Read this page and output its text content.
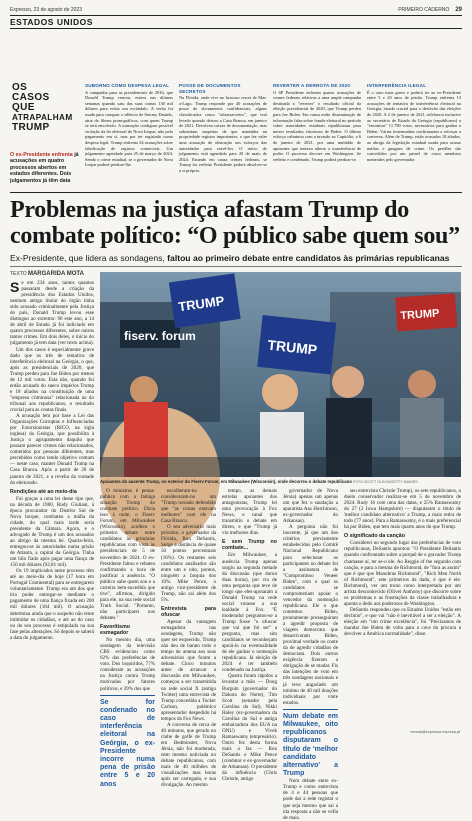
Expresso, 23 de agosto de 2023	PRIMEIRO CADERNO 29
ESTADOS UNIDOS
OS
CASOS
QUE
ATRAPALHAM
TRUMP
O ex-Presidente enfrenta já acusações em quatro processos abertos em estados diferentes. Dois julgamentos já têm data
SUBORNO COMO DESPESA LEGAL

A campanha para as presidenciais de 2016, que Donald Trump venceu, estava nas últimas semanas quando saiu das suas contas 130 mil dólares para evitar um escândalo. A verba foi usada para comprar o silêncio de Stormy Daniels, atriz de filmes pornográficos, com quem Trump se terá envolvido. A transação configura possível violação da lei eleitoral de Nova Iorque, não pelo pagamento em si, mas por ter registado como despesa legal. Trump enfrenta 34 acusações sobre falsificação de registos comerciais. Um julgamento agendado para 25 de março de 2024. Sendo o crime estadual, se o governador de Nova Iorque poderá perdoar-lhe.

POSSE DE DOCUMENTOS SECRETOS

Na Flórida, onde vive no luxuoso resort de Mar-a-Lago, Trump responde por 40 acusações de posse de documentos confidenciais, alguns classificados como "ultrassecretos", que terá levado quando deixou a Casa Branca, em janeiro de 2021. Devolveu caixas de documentação, mas subsistiam suspeitas de que mantinha na propriedade registos importantes, o que fez valer uma acusação de obstrução aos esforços das autoridades para reavê-los. O início do julgamento está agendado para 20 de maio de 2024. Estando em causa crimes federais, se Trump for reeleito Presidente poderá absolver-se a si próprio.

REVERTER A DERROTA DE 2020

O 6P Presidente enfrenta quatro acusações de crimes federais relativas a uma ampla campanha destinada a "reverter" o resultado oficial da eleição presidencial de 2020, que Trump perdeu para Joe Biden. Em causa estão disseminação de informação falsa sobre fraude eleitoral no período sobre autoridades estaduais republicanas para mexer resultados vitoriosos de Biden. O último esforço culminou com a invasão ao Capitólio, a 6 de janeiro de 2021, por uma multidão de apoiantes que tentava alterar a transferência de poder. O processo decorre em Washington. Se reeleito e condenado, Trump poderá perdoar-se.

INTERFERÊNCIA ILEGAL

É o caso mais grave e poderá ter ao ex-Presidente entre 5 e 20 anos de prisão. Trump enfrenta 13 acusações de tentativa de interferência eleitoral na Geórgia, estado crucial para o desfecho das eleições de 2020. A 2 de janeiro de 2021, telefonou inclusive ao secretário de Estado da Geórgia (republicano) a "encontrar" 11.780 votos, necessários para ganhar a Biden. Várias testemunhas confirmaram a reforçar a conversa. Além de Trump, estão acusados 18 aliados, ao abrigo da legislação estadual usada para acusar máfias e gangues de crime. Os perdões são concedidos por um painel de cinco membros nomeados pelo governador.

Problemas na justiça afastam Trump do combate político: “O público sabe quem sou”
Ex-Presidente, que lidera as sondagens, faltou ao primeiro debate entre candidatos às primárias republicanas
TEXTO MARGARIDA MOTA
fiserv. forum
TRUMP
TRUMP
TRUMP
Apoiantes do ausente Trump, no exterior do Fiserv Forum, em Milwaukee (Wisconsin), onde decorreu o debate republicano FOTO SCOTT OLSON/GETTY IMAGES

Se em 234 anos, tantos quantos passaram desde a criação da presidência dos Estados Unidos, nenhum antigo titular do órgão tinha sido acusado criminalmente pela Justiça do país, Donald Trump levou esse distinguo ao extremo: 90 este ano, a 14 de abril de Estado já foi indiciado em quatro processos diferentes, sobre outros tantos crimes. Em dois deles, o início do julgamento já tem data (ver texto acima).

Um dos casos é especialmente grave dado que os três de tentativa de interferência eleitoral na Geórgia, o que, após as presidenciais de 2020, que Trump perdeu para Joe Biden por menos de 12 mil votos. Esta não, quando foi então acusado do sueco impérios Trump e 18 aliados na constituição de uma "empresa criminosa" relacionada ao do tribunal aos republicanos, o resultado crucial para as contas finais.

A acusação tem por base a Lei das Organizações Corruptas e Influenciadas por Extorsionistas (RICO, na sigla inglesa) da Geórgia, que possibilita à Justiça o agrupamento daquilo que possam parecer crimes não relacionados, cometidos por pessoas diferentes, mas percebidos como tendo objetivo comum — neste caso, manter Donald Trump na Casa Branca. Após a partir de 20 de janeiro de 2021, e a revelia da vontade do eleitorado.

Rendições até ao meio-dia

Foi graças a uma lei desse tipo que, na década de 1980, Rudy Giuliani, à época procurador do Distrito Sul de Nova Iorque, combateu a máfia da cidade, do qual mais tarde seria presidente da Câmara. Agora, e o advogado de Trump é um dos acusados ao abrigo da mesma lei. Quarta-feira, entregou-se às autoridades numa prisão de Atlanta, a capital da Geórgia. Tinha um hilo fiado após pagar uma fiança de 150 mil dólares (92,81 mil).

Os 19 implicados neste processo têm até ao meio-dia de hoje (17 hora em Portugal Continental) para se entregarem voluntariamente. Trump era um dos que iria poder entregar-se mediante o pagamento de uma fiança fixada em 200 mil dólares (184 mil). O acusação determina ainda que o suspeito não tente intimidar os cidadãos, e até ao do caso ou do seu processo é estipulada na sua fase pelas alterações. Só depois se saberá a data do julgamento.

O ministros é pensa-pública com a famiga situação Trump do combate político. Dizia isso à noite, o Fiserv Forum, em Milwaukee (Wisconsin), acolheu o primeiro debate entre candidatos às primárias republicanas com vista às presidenciais de 5 de novembro de 2024. O ex-Presidente faltou e rebateu confirmando a hora de justificar a ausência. "O público sabe quem sou e a carreira bem-sucedida que tive", afirmou, dirigido para ele, na sua rede social Truth Social. "Portanto, não participarei nos debates."

Favoritismo esmagador

No mesmo dia, uma sondagem da televisão CBS evidenciou como 62% das preferências de voto. Dos inquiridos, 77% consideram as acusações na Justiça contra Trump motivadas por fatores políticos, e 39% dos que

Se for condenado no caso de interferência eleitoral na Geórgia, o ex-Presidente incorre numa pena de prisão entre 5 e 20 anos

escolheram-no consideraram-no um "Trump tornado defendido que "as coisas estavam melhores" com ele na Casa Branca.

O seu adversário mais próximo, o governador da Flórida, Ron DeSantis, Surge a distância de quase 50 pontos percentuais (16%). Os restantes seis candidatos analisados são entre um e oito, pontos, ninguém a fasquia dos 10%. Mike Pence, o antigo vice-presidente de Trump, não sai além dos 5%.

Entrevista para ofuscar

Apesar da vantagem esmagadora nas sondagens, Trump não quer ser esquecido, Trump não deu de barato todo o tempo de antena aos seus adversários que foram a debate. Cinco minutos antes de arrancar a discussão em Milwaukee, começou a ser transmitida na rede social X (antigo Twitter) uma entrevista de Trump concedida a Tucker Carlson, polémico apresentador despedido há tempos da Fox News.

A conversa de cerca de 40 minutos, que gerado no clube de golfe de Trump em Bedminster, Nova Jérsia, não foi moderada, nem mesmo noticiada no debate republicanos, com mais de 40 milhões de visualizações mas horas após ser carregada, e sua divulgação. Ao mesmo

tempo, as demais estrelas apoiantes dos antagonistas, Trump lei uma provocação à Fox News, o canal que transmitiu o debate em direto, e que "Trump já viu melhores dias.

E sem Trump no combate...

Em Milwaukee, a ausência Trump apenas surgiu na segunda metade da discussão (que durou duas horas), por via de uma pergunta que teve de longo que eles-apoiaram a Donald Trump na rede social votasse a sua lealdade à Fox. "É moderador perguntou-se a Trump fosse "o ofuscar que vai que foi ser" a pergunta, mas sim candidatos se reconheçam apoiá-lo na eventualidade de ele ganhar o nomeação republicana. Já eleição de 2024 é ter também condenado na Justiça.

Quatro foram rápidos a levantar a mão — Doug Burgum (governador do Dakota do Norte), Tim Scott (senador pela Carolina do Sul), Nikki Haley (ex-governadora da Carolina do Sul e antiga embaixadora dos EUA na ONU) e Vivek Ramaswamy (empresário). Outro fez desta forma mais a faz — Ron DeSantis e Mike Pence (condutor e ex-governador de Arkansas). O presidente da influência (Chris Christie, antigo

governador de Nova Jérsia) apenas um apenas um que fez o saudação a aparatista Asa Hutchinson, ex-governador do Arkansas).

A pergunta não foi inocente, já que um dos critérios previamente estabelecidos pelo Comitê Nacional Republicano para selecionar os participantes no debate foi a assinatura de "Compromisso Veneer Biden", com o qual os candidatos se comprometiam apoiar o vencedor da nomeação republicana. Ele o que contestou Biden, prontamente prosseguiram a agredir proposta de viagem democrata que desactivaram Biden, proximal verdade ou conte da de agredir cidadãos de democrata. Dois outros exigência fizeram a obrigação de se mudar. Fis das intenções de voto em três sondagens nacionais e já teve angariado um mínimo de 40 mil doações individuais por vinte estados.

Num debate em Milwaukee, oito republicanos disputaram o título de 'melhor candidato alternativo' a Trump

Num debate entre ex-Trump e como entrevista de 4 e 44 pessoas que pode dar a rede registar o que seja mesmo que sai a ida resposta a não se vefia de mais.

seu entrevista Christie Trump), os sete republicanos, o duelo conservador realizar-se em 5 de novembro de 2024. Rudy 16 com uma das datas, e 25% Ramaswamy do 27 (2 Iowa Hampshire) — disputaram o título de 'melhor candidato alternativo' a Trump, a mais retira de todo (77 anos). Para a Ramaswamy, é o mais preferencial há por Biden, que tem mais quarto anos do que Trump.

O significado da canção

Considerei no segundo lugar das preferências de voto republicanas, DeSantis apontou: "O Presidente DeSantis quando confrontado sobre a porquê de o gravador Trump chamasse aí, ter se-o ele. Ao Reggie of the segundo com canção, e para a mesma de Richmond, de "fura as assim" que é que que Manobras Richmond", "Rich Men North of Richmond", sete primeiros da dado, é que é ele. Richmond), ver um trono como interpretada por um artista desconhecido (Oliver Anthony) que discorre sobre os problemas e as frustrações da classe trabalhadora e aponta o dedo aos poderosos de Washington.

DeSantis respondeu que os Estados Unidos "estão em declínio", e que vai "não é inevitável a ser a eleição". A eleição em "um crime excelência", foi "Precisamos de mandar Joe Biden de volta para a cave do procura a devolver a América normalidade", disse.

mmota@expresso.impresa.pt
